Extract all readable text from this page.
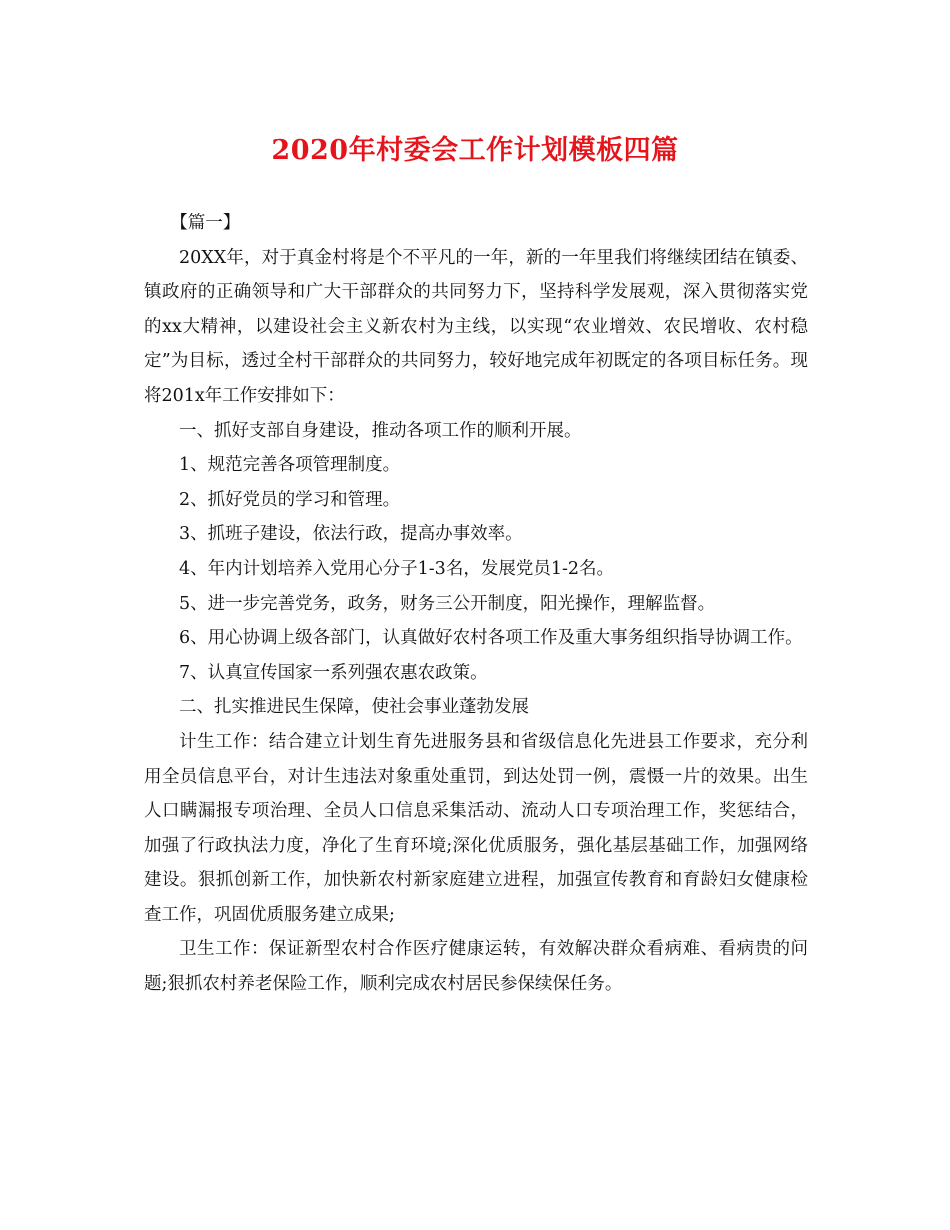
2020年村委会工作计划模板四篇

【篇一】

20XX年，对于真金村将是个不平凡的一年，新的一年里我们将继续团结在镇委、镇政府的正确领导和广大干部群众的共同努力下，坚持科学发展观，深入贯彻落实党的xx大精神，以建设社会主义新农村为主线，以实现“农业增效、农民增收、农村稳定”为目标，透过全村干部群众的共同努力，较好地完成年初既定的各项目标任务。现将201x年工作安排如下：

一、抓好支部自身建设，推动各项工作的顺利开展。

1、规范完善各项管理制度。

2、抓好党员的学习和管理。

3、抓班子建设，依法行政，提高办事效率。

4、年内计划培养入党用心分子1-3名，发展党员1-2名。

5、进一步完善党务，政务，财务三公开制度，阳光操作，理解监督。

6、用心协调上级各部门，认真做好农村各项工作及重大事务组织指导协调工作。

7、认真宣传国家一系列强农惠农政策。

二、扎实推进民生保障，使社会事业蓬勃发展

计生工作：结合建立计划生育先进服务县和省级信息化先进县工作要求，充分利用全员信息平台，对计生违法对象重处重罚，到达处罚一例，震慑一片的效果。出生人口瞒漏报专项治理、全员人口信息采集活动、流动人口专项治理工作，奖惩结合，加强了行政执法力度，净化了生育环境;深化优质服务，强化基层基础工作，加强网络建设。狠抓创新工作，加快新农村新家庭建立进程，加强宣传教育和育龄妇女健康检查工作，巩固优质服务建立成果;

卫生工作：保证新型农村合作医疗健康运转，有效解决群众看病难、看病贵的问题;狠抓农村养老保险工作，顺利完成农村居民参保续保任务。
